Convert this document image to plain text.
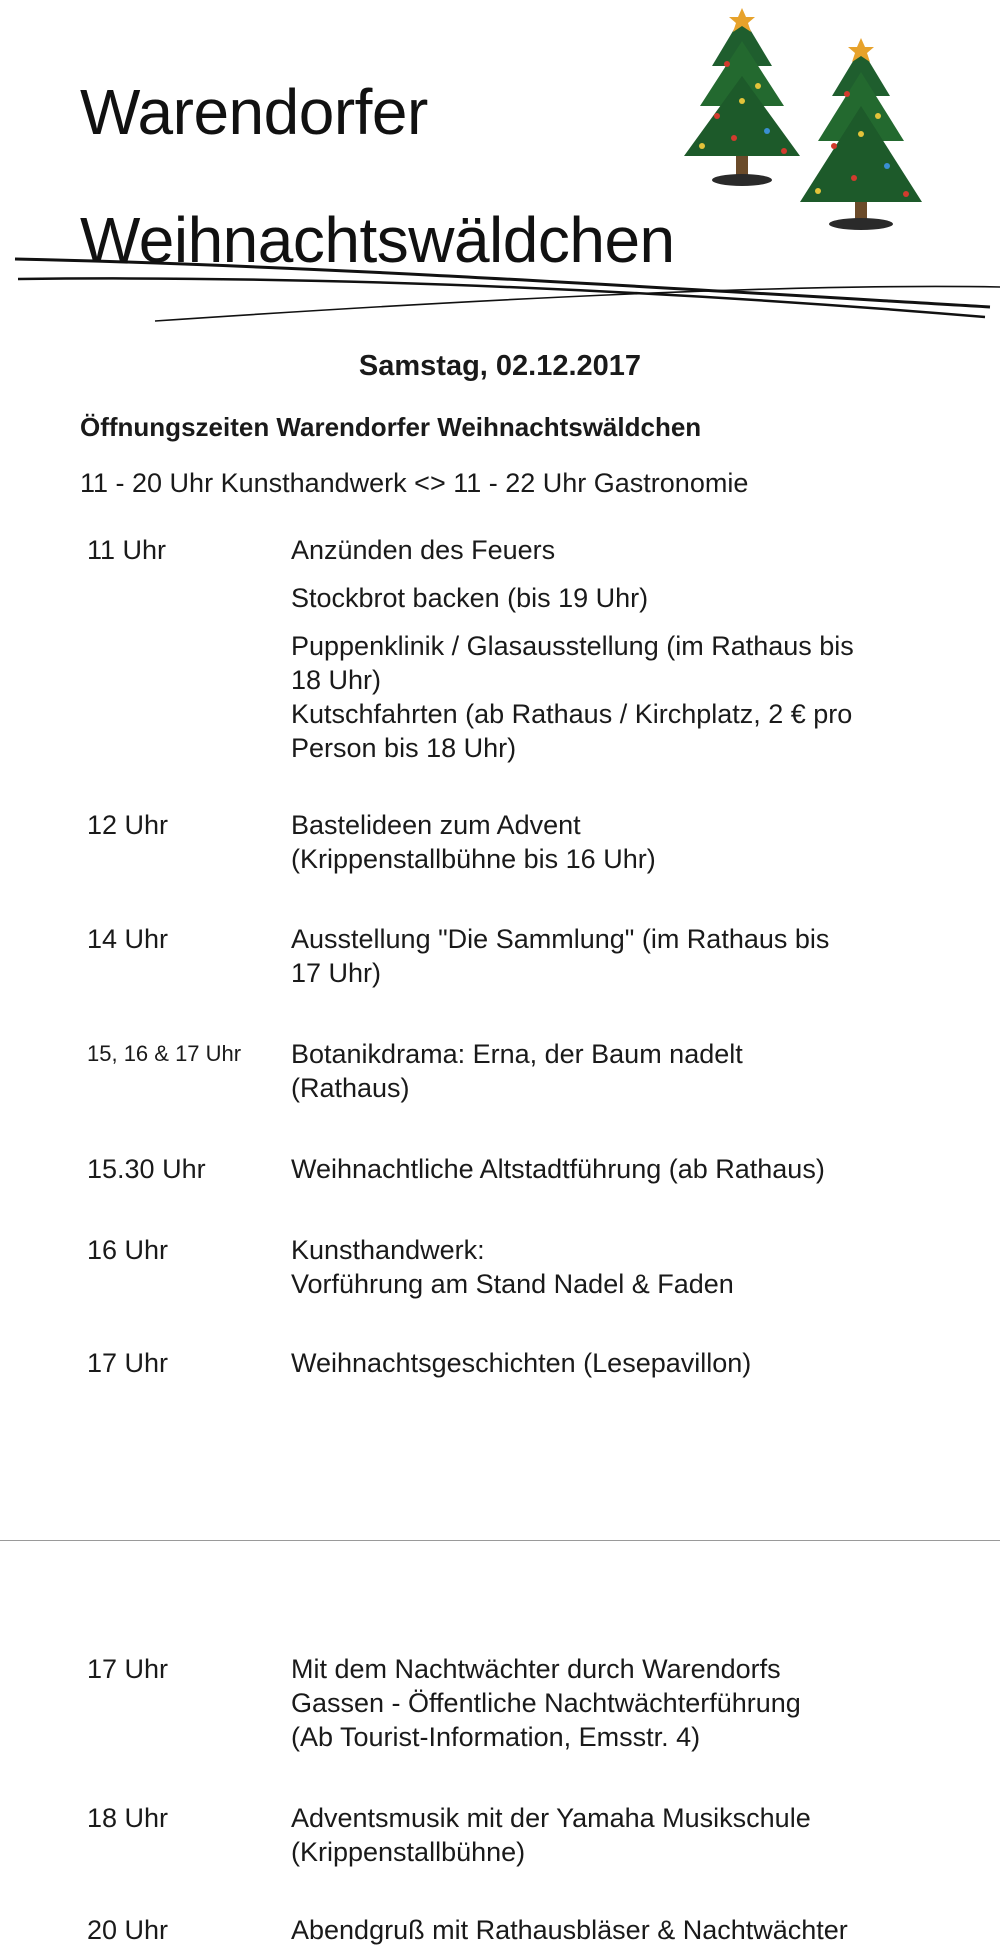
Warendorfer
Weihnachtswäldchen
Samstag, 02.12.2017
Öffnungszeiten Warendorfer Weihnachtswäldchen
11 - 20 Uhr Kunsthandwerk <> 11 - 22 Uhr Gastronomie
11 Uhr	Anzünden des Feuers

Stockbrot backen (bis 19 Uhr)

Puppenklinik / Glasausstellung (im Rathaus bis

18 Uhr)

Kutschfahrten (ab Rathaus / Kirchplatz, 2 € pro

Person bis 18 Uhr)

12 Uhr	Bastelideen zum Advent

(Krippenstallbühne bis 16 Uhr)

14 Uhr	Ausstellung "Die Sammlung" (im Rathaus bis

17 Uhr)

15, 16 & 17 Uhr	Botanikdrama: Erna, der Baum nadelt

(Rathaus)

15.30 Uhr	Weihnachtliche Altstadtführung (ab Rathaus)

16 Uhr	Kunsthandwerk:

Vorführung am Stand Nadel & Faden

17 Uhr	Weihnachtsgeschichten (Lesepavillon)

17 Uhr	Mit dem Nachtwächter durch Warendorfs

Gassen - Öffentliche Nachtwächterführung

(Ab Tourist-Information, Emsstr. 4)

18 Uhr	Adventsmusik mit der Yamaha Musikschule

(Krippenstallbühne)

20 Uhr	Abendgruß mit Rathausbläser & Nachtwächter
